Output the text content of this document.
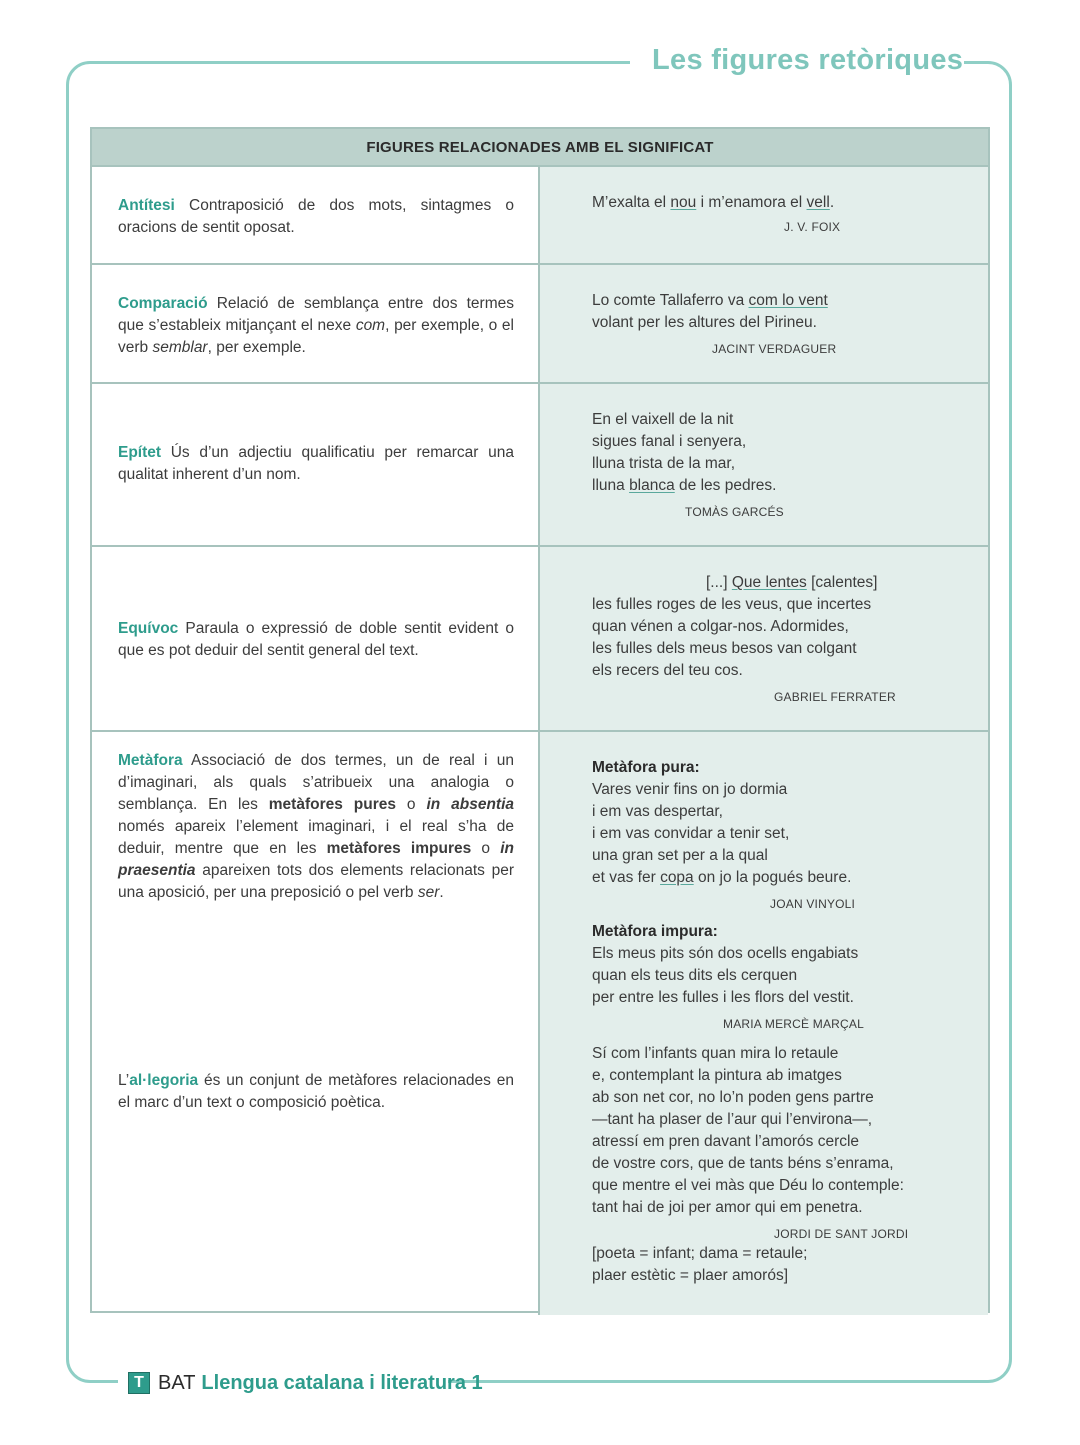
Les figures retòriques
FIGURES RELACIONADES AMB EL SIGNIFICAT
Antítesi Contraposició de dos mots, sintagmes o oracions de sentit oposat.
M’exalta el nou i m’enamora el vell.
J. V. FOIX
Comparació Relació de semblança entre dos termes que s’estableix mitjançant el nexe com, per exemple, o el verb semblar, per exemple.
Lo comte Tallaferro va com lo vent
volant per les altures del Pirineu.
JACINT VERDAGUER
Epítet Ús d’un adjectiu qualificatiu per remarcar una qualitat inherent d’un nom.
En el vaixell de la nit
sigues fanal i senyera,
lluna trista de la mar,
lluna blanca de les pedres.
TOMÀS GARCÉS
Equívoc Paraula o expressió de doble sentit evident o que es pot deduir del sentit general del text.
[...] Que lentes [calentes]
les fulles roges de les veus, que incertes
quan vénen a colgar-nos. Adormides,
les fulles dels meus besos van colgant
els recers del teu cos.
GABRIEL FERRATER
Metàfora Associació de dos termes, un de real i un d’imaginari, als quals s’atribueix una analogia o semblança. En les metàfores pures o in absentia només apareix l’element imaginari, i el real s’ha de deduir, mentre que en les metàfores impures o in praesentia apareixen tots dos elements relacionats per una aposició, per una preposició o pel verb ser.
L’al·legoria és un conjunt de metàfores relacionades en el marc d’un text o composició poètica.
Metàfora pura:
Vares venir fins on jo dormia
i em vas despertar,
i em vas convidar a tenir set,
una gran set per a la qual
et vas fer copa on jo la pogués beure.
JOAN VINYOLI
Metàfora impura:
Els meus pits són dos ocells engabiats
quan els teus dits els cerquen
per entre les fulles i les flors del vestit.
MARIA MERCÈ MARÇAL
Sí com l’infants quan mira lo retaule
e, contemplant la pintura ab imatges
ab son net cor, no lo’n poden gens partre
—tant ha plaser de l’aur qui l’environa—,
atressí em pren davant l’amorós cercle
de vostre cors, que de tants béns s’enrama,
que mentre el vei màs que Déu lo contemple:
tant hai de joi per amor qui em penetra.
JORDI DE SANT JORDI
[poeta = infant; dama = retaule;
plaer estètic = plaer amorós]
T BAT Llengua catalana i literatura 1
